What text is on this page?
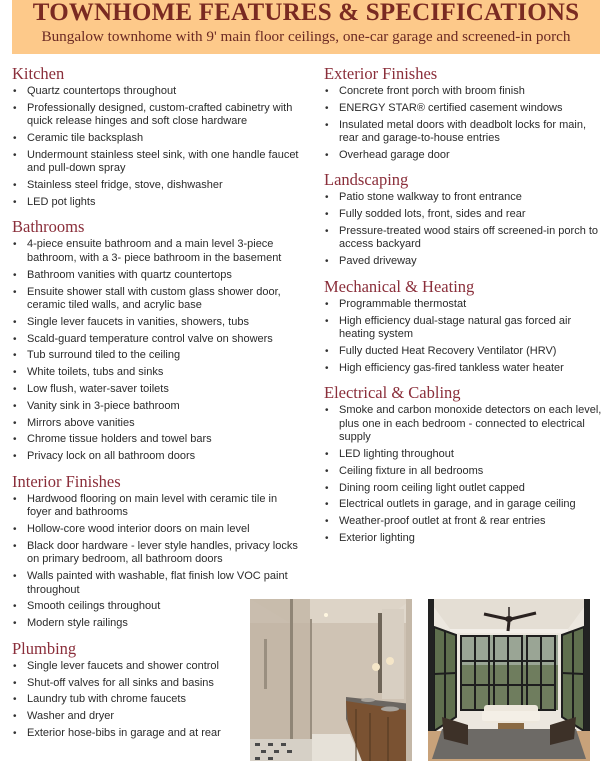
TOWNHOME FEATURES & SPECIFICATIONS

Bungalow townhome with 9' main floor ceilings, one-car garage and screened-in porch

Kitchen
• Quartz countertops throughout
• Professionally designed, custom-crafted cabinetry with quick release hinges and soft close hardware
• Ceramic tile backsplash
• Undermount stainless steel sink, with one handle faucet and pull-down spray
• Stainless steel fridge, stove, dishwasher
• LED pot lights
Bathrooms
• 4-piece ensuite bathroom and a main level 3-piece bathroom, with a 3- piece bathroom in the basement
• Bathroom vanities with quartz countertops
• Ensuite shower stall with custom glass shower door, ceramic tiled walls, and acrylic base
• Single lever faucets in vanities, showers, tubs
• Scald-guard temperature control valve on showers
• Tub surround tiled to the ceiling
• White toilets, tubs and sinks
• Low flush, water-saver toilets
• Vanity sink in 3-piece bathroom
• Mirrors above vanities
• Chrome tissue holders and towel bars
• Privacy lock on all bathroom doors
Interior Finishes
• Hardwood flooring on main level with ceramic tile in foyer and bathrooms
• Hollow-core wood interior doors on main level
• Black door hardware - lever style handles, privacy locks on primary bedroom, all bathroom doors
• Walls painted with washable, flat finish low VOC paint throughout
• Smooth ceilings throughout
• Modern style railings
Plumbing
• Single lever faucets and shower control
• Shut-off valves for all sinks and basins
• Laundry tub with chrome faucets
• Washer and dryer
• Exterior hose-bibs in garage and at rear
Exterior Finishes
• Concrete front porch with broom finish
• ENERGY STAR® certified casement windows
• Insulated metal doors with deadbolt locks for main, rear and garage-to-house entries
• Overhead garage door
Landscaping
• Patio stone walkway to front entrance
• Fully sodded lots, front, sides and rear
• Pressure-treated wood stairs off screened-in porch to access backyard
• Paved driveway
Mechanical & Heating
• Programmable thermostat
• High efficiency dual-stage natural gas forced air heating system
• Fully ducted Heat Recovery Ventilator (HRV)
• High efficiency gas-fired tankless water heater
Electrical & Cabling
• Smoke and carbon monoxide detectors on each level, plus one in each bedroom - connected to electrical supply
• LED lighting throughout
• Ceiling fixture in all bedrooms
• Dining room ceiling light outlet capped
• Electrical outlets in garage, and in garage ceiling
• Weather-proof outlet at front & rear entries
• Exterior lighting
